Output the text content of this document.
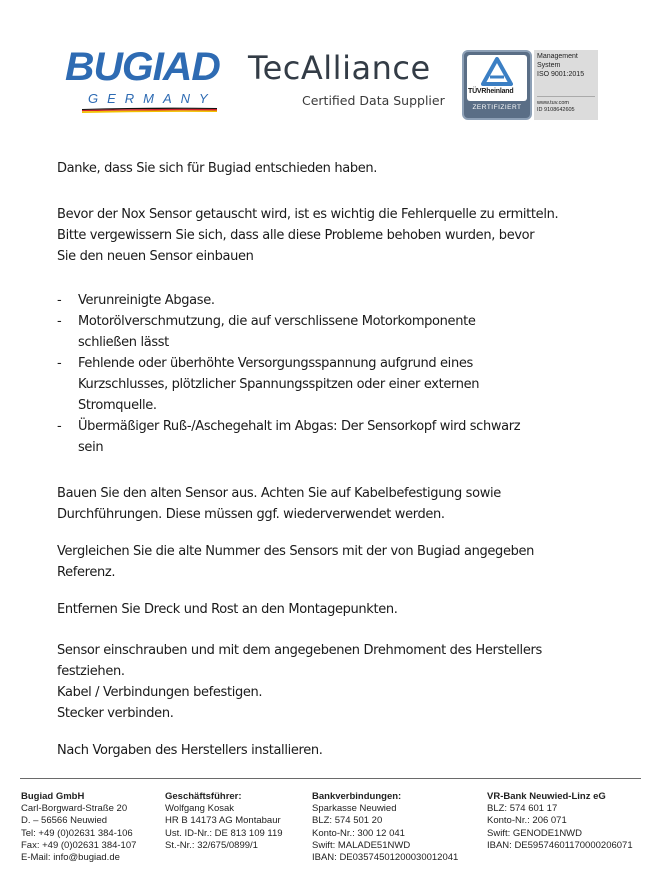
BUGIAD
GERMANY
TecAlliance
Certified Data Supplier
TÜVRheinland
ZERTIFIZIERT
Management
System
ISO 9001:2015
www.tuv.com
ID 9108642605
Danke, dass Sie sich für Bugiad entschieden haben.
Bevor der Nox Sensor getauscht wird, ist es wichtig die Fehlerquelle zu ermitteln.
Bitte vergewissern Sie sich, dass alle diese Probleme behoben wurden, bevor
Sie den neuen Sensor einbauen
- Verunreinigte Abgase.
- Motorölverschmutzung, die auf verschlissene Motorkomponente
schließen lässt
- Fehlende oder überhöhte Versorgungsspannung aufgrund eines
Kurzschlusses, plötzlicher Spannungsspitzen oder einer externen
Stromquelle.
- Übermäßiger Ruß-/Aschegehalt im Abgas: Der Sensorkopf wird schwarz
sein
Bauen Sie den alten Sensor aus. Achten Sie auf Kabelbefestigung sowie
Durchführungen. Diese müssen ggf. wiederverwendet werden.
Vergleichen Sie die alte Nummer des Sensors mit der von Bugiad angegeben
Referenz.
Entfernen Sie Dreck und Rost an den Montagepunkten.
Sensor einschrauben und mit dem angegebenen Drehmoment des Herstellers
festziehen.
Kabel / Verbindungen befestigen.
Stecker verbinden.
Nach Vorgaben des Herstellers installieren.
Bugiad GmbH
Carl-Borgward-Straße 20
D. – 56566 Neuwied
Tel: +49 (0)02631 384-106
Fax: +49 (0)02631 384-107
E-Mail: info@bugiad.de
Geschäftsführer:
Wolfgang Kosak
HR B 14173 AG Montabaur
Ust. ID-Nr.: DE 813 109 119
St.-Nr.: 32/675/0899/1
Bankverbindungen:
Sparkasse Neuwied
BLZ: 574 501 20
Konto-Nr.: 300 12 041
Swift: MALADE51NWD
IBAN: DE03574501200030012041
VR-Bank Neuwied-Linz eG
BLZ: 574 601 17
Konto-Nr.: 206 071
Swift: GENODE1NWD
IBAN: DE59574601170000206071
